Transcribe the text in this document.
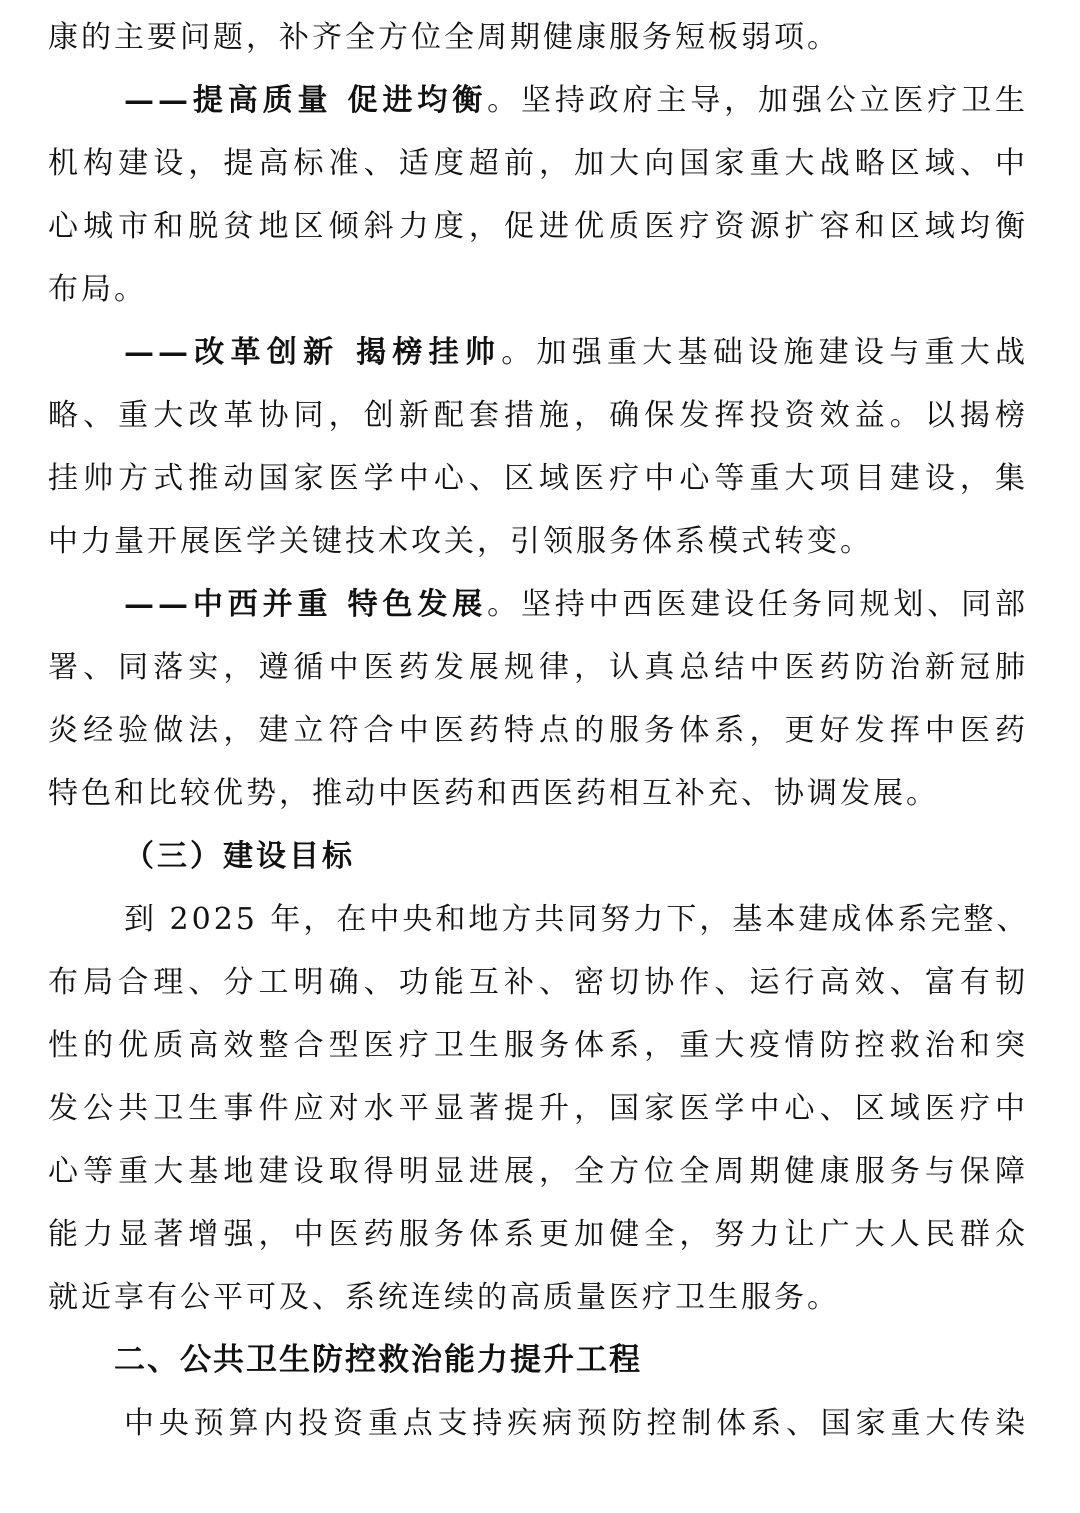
康的主要问题，补齐全方位全周期健康服务短板弱项。
——提高质量 促进均衡。坚持政府主导，加强公立医疗卫生
机构建设，提高标准、适度超前，加大向国家重大战略区域、中
心城市和脱贫地区倾斜力度，促进优质医疗资源扩容和区域均衡
布局。
——改革创新 揭榜挂帅。加强重大基础设施建设与重大战
略、重大改革协同，创新配套措施，确保发挥投资效益。以揭榜
挂帅方式推动国家医学中心、区域医疗中心等重大项目建设，集
中力量开展医学关键技术攻关，引领服务体系模式转变。
——中西并重 特色发展。坚持中西医建设任务同规划、同部
署、同落实，遵循中医药发展规律，认真总结中医药防治新冠肺
炎经验做法，建立符合中医药特点的服务体系，更好发挥中医药
特色和比较优势，推动中医药和西医药相互补充、协调发展。
（三）建设目标
到 2025 年，在中央和地方共同努力下，基本建成体系完整、
布局合理、分工明确、功能互补、密切协作、运行高效、富有韧
性的优质高效整合型医疗卫生服务体系，重大疫情防控救治和突
发公共卫生事件应对水平显著提升，国家医学中心、区域医疗中
心等重大基地建设取得明显进展，全方位全周期健康服务与保障
能力显著增强，中医药服务体系更加健全，努力让广大人民群众
就近享有公平可及、系统连续的高质量医疗卫生服务。
二、公共卫生防控救治能力提升工程
中央预算内投资重点支持疾病预防控制体系、国家重大传染
